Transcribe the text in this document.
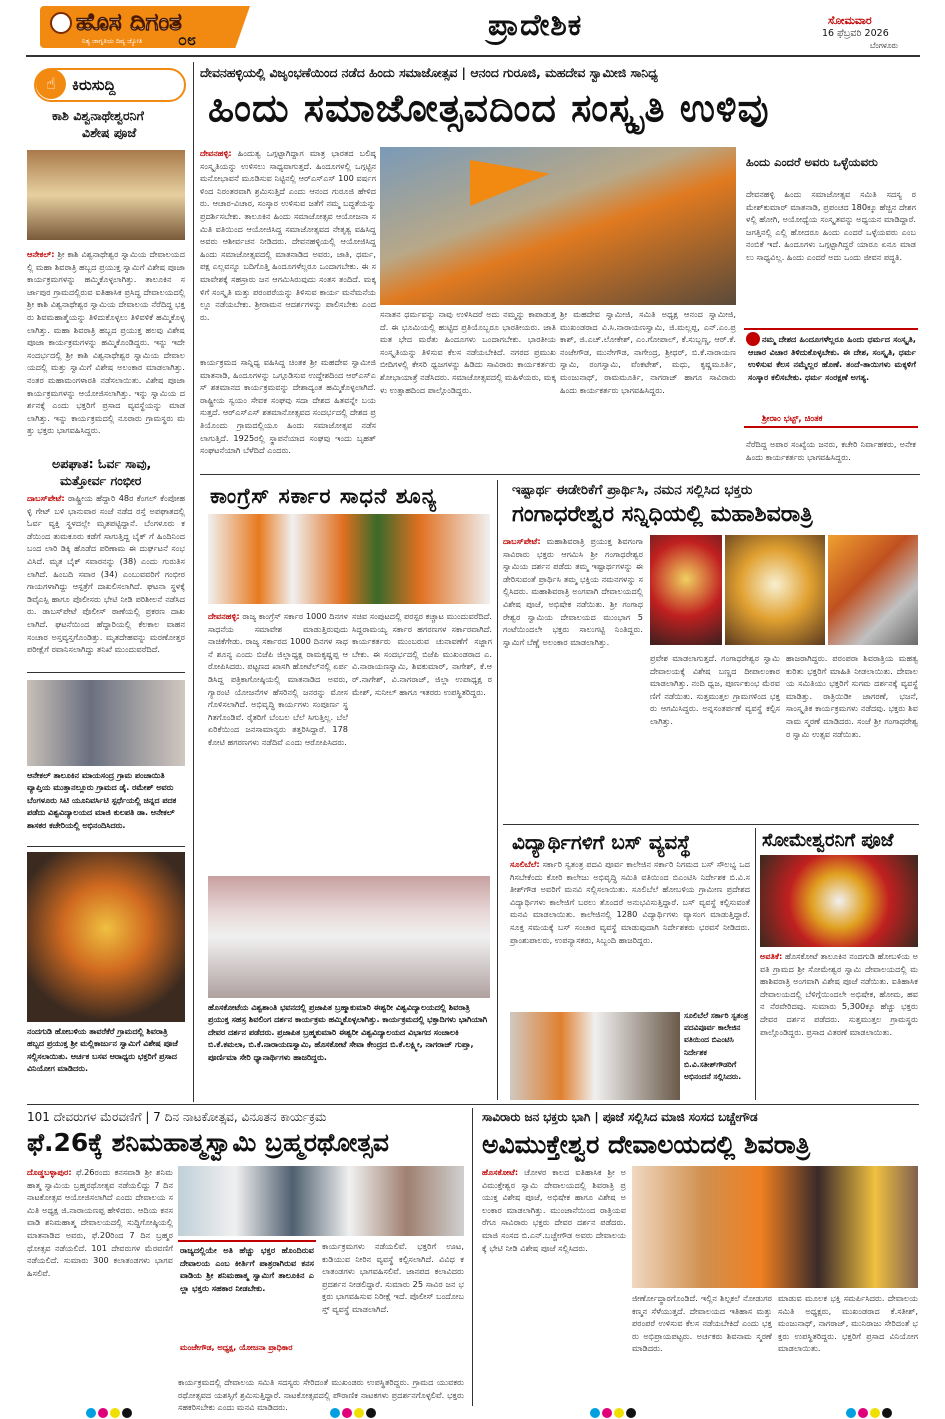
ಹೊಸ ದಿಗಂತ
ನಿತ್ಯ ಜಾಗೃತಿಯ ದಿವ್ಯ ಜ್ಯೋತಿ ೦೮	ಪ್ರಾದೇಶಿಕ	ಸೋಮವಾರ
16 ಫೆಬ್ರವರಿ 2026
ಬೆಂಗಳೂರು
☝	ಕಿರುಸುದ್ದಿ
ಕಾಶಿ ವಿಶ್ವನಾಥೇಶ್ವರನಿಗೆ
ವಿಶೇಷ ಪೂಜೆ
ಆನೇಕಲ್: ಶ್ರೀ ಕಾಶಿ ವಿಶ್ವನಾಥೇಶ್ವರ ಸ್ವಾಮಿಯ ದೇವಾಲಯದಲ್ಲಿ ಮಹಾ ಶಿವರಾತ್ರಿ ಹಬ್ಬದ ಪ್ರಯುಕ್ತ ಸ್ವಾಮಿಗೆ ವಿಶೇಷ ಪೂಜಾ ಕಾರ್ಯಕ್ರಮಗಳನ್ನು ಹಮ್ಮಿಕೊಳ್ಳಲಾಗಿತ್ತು. ತಾಲೂಕಿನ ಸರ್ಜಾಪುರ ಗ್ರಾಮದಲ್ಲಿರುವ ಐತಿಹಾಸಿಕ ಪ್ರಸಿದ್ಧ ದೇವಾಲಯದಲ್ಲಿ ಶ್ರೀ ಕಾಶಿ ವಿಶ್ವನಾಥೇಶ್ವರ ಸ್ವಾಮಿಯ ದೇವಾಲಯ ನೆರೆದಿದ್ದ ಭಕ್ತರು ಶಿವಮಹಾತ್ಮೆಯನ್ನು ತಿಳಿದುಕೊಳ್ಳಲು ತಿಳಿವಳಿಕೆ ಹಮ್ಮಿಕೊಳ್ಳಲಾಗಿತ್ತು. ಮಹಾ ಶಿವರಾತ್ರಿ ಹಬ್ಬದ ಪ್ರಯುಕ್ತ ಹಲವು ವಿಶೇಷ ಪೂಜಾ ಕಾರ್ಯಕ್ರಮಗಳನ್ನು ಹಮ್ಮಿಕೊಂಡಿದ್ದರು. ಇನ್ನು ಇದೇ ಸಂದರ್ಭದಲ್ಲಿ ಶ್ರೀ ಕಾಶಿ ವಿಶ್ವನಾಥೇಶ್ವರ ಸ್ವಾಮಿಯ ದೇವಾಲಯದಲ್ಲಿ ಮತ್ತು ಸ್ವಾಮಿಗೆ ವಿಶೇಷ ಅಲಂಕಾರ ಮಾಡಲಾಗಿತ್ತು. ನಂತರ ಮಹಾಮಂಗಳಾರತಿ ನಡೆಸಲಾಯಿತು. ವಿಶೇಷ ಪೂಜಾ ಕಾರ್ಯಕ್ರಮಗಳನ್ನು ಆಯೋಜಿಸಲಾಗಿತ್ತು. ಇನ್ನು ಸ್ವಾಮಿಯ ದರ್ಶನಕ್ಕೆ ಎಂದು ಭಕ್ತರಿಗೆ ಪ್ರಸಾದ ವ್ಯವಸ್ಥೆಯನ್ನು ಮಾಡಲಾಗಿತ್ತು. ಇನ್ನು ಕಾರ್ಯಕ್ರಮದಲ್ಲಿ ನೂರಾರು ಗ್ರಾಮಸ್ಥರು ಮತ್ತು ಭಕ್ತರು ಭಾಗವಹಿಸಿದ್ದರು.
ಅಪಘಾತ: ಓರ್ವ ಸಾವು,
ಮತ್ತೋರ್ವ ಗಂಭೀರ
ದಾಬಸ್‌ಪೇಟೆ: ರಾಷ್ಟ್ರೀಯ ಹೆದ್ದಾರಿ 48ರ ಕೆಂಗಲ್ ಕೆಂಪೋಹಳ್ಳಿ ಗೇಟ್ ಬಳಿ ಭಾನುವಾರ ಸಂಜೆ ನಡೆದ ರಸ್ತೆ ಅಪಘಾತದಲ್ಲಿ ಓರ್ವ ವ್ಯಕ್ತಿ ಸ್ಥಳದಲ್ಲೇ ಮೃತಪಟ್ಟಿದ್ದಾನೆ. ಬೆಂಗಳೂರು ಕಡೆಯಿಂದ ತುಮಕೂರು ಕಡೆಗೆ ಸಾಗುತ್ತಿದ್ದ ಬೈಕ್ ಗೆ ಹಿಂದಿನಿಂದ ಬಂದ ಲಾರಿ ಡಿಕ್ಕಿ ಹೊಡೆದ ಪರಿಣಾಮ ಈ ದುರ್ಘಟನೆ ಸಂಭವಿಸಿದೆ. ಮೃತ ಬೈಕ್ ಸವಾರನನ್ನು (38) ಎಂದು ಗುರುತಿಸಲಾಗಿದೆ. ಹಿಂಬದಿ ಸವಾರ (34) ಎಂಬುವವರಿಗೆ ಗಂಭೀರ ಗಾಯಗಳಾಗಿದ್ದು ಆಸ್ಪತ್ರೆಗೆ ದಾಖಲಿಸಲಾಗಿದೆ. ಘಟನಾ ಸ್ಥಳಕ್ಕೆ ಡಿವೈಎಸ್ಪಿ ಹಾಗೂ ಪೊಲೀಸರು ಭೇಟಿ ನೀಡಿ ಪರಿಶೀಲನೆ ನಡೆಸಿದರು. ಡಾಬಸ್‌ಪೇಟೆ ಪೊಲೀಸ್ ಠಾಣೆಯಲ್ಲಿ ಪ್ರಕರಣ ದಾಖಲಾಗಿದೆ. ಘಟನೆಯಿಂದ ಹೆದ್ದಾರಿಯಲ್ಲಿ ಕೆಲಕಾಲ ವಾಹನ ಸಂಚಾರ ಅಸ್ತವ್ಯಸ್ತಗೊಂಡಿತ್ತು. ಮೃತದೇಹವನ್ನು ಮರಣೋತ್ತರ ಪರೀಕ್ಷೆಗೆ ರವಾನಿಸಲಾಗಿದ್ದು ತನಿಖೆ ಮುಂದುವರೆದಿದೆ.
ಆನೇಕಲ್ ತಾಲೂಕಿನ ಮಾಯಸಂದ್ರ ಗ್ರಾಮ ಪಂಚಾಯಿತಿ ವ್ಯಾಪ್ತಿಯ ಮುತ್ತಾನಲ್ಲೂರು ಗ್ರಾಮದ ಡೈ. ರಮೇಶ್ ಅವರು ಬೆಂಗಳೂರು ಸಿಟಿ ಯೂನಿವರ್ಸಿಟಿ ಸ್ಪರ್ಧೆಯಲ್ಲಿ ಚಿನ್ನದ ಪದಕ ಪಡೆದು ವಿಶ್ವವಿದ್ಯಾಲಯದ ಮಾಜಿ ಕುಲಪತಿ ಡಾ. ಆನೇಕಲ್ ಶಾಸಕರ ಕಚೇರಿಯಲ್ಲಿ ಅಭಿನಂದಿಸಿದರು.
ನಂದಗುಡಿ ಹೋಬಳಿಯ ತಾವರೆಕೆರೆ ಗ್ರಾಮದಲ್ಲಿ ಶಿವರಾತ್ರಿ ಹಬ್ಬದ ಪ್ರಯುಕ್ತ ಶ್ರೀ ಮಲ್ಲಿಕಾರ್ಜುನ ಸ್ವಾಮಿಗೆ ವಿಶೇಷ ಪೂಜೆ ಸಲ್ಲಿಸಲಾಯಿತು. ಆರ್ಚಕ ಬಸವ ಆರಾಧ್ಯರು ಭಕ್ತರಿಗೆ ಪ್ರಸಾದ ವಿನಿಯೋಗ ಮಾಡಿದರು.
ದೇವನಹಳ್ಳಿಯಲ್ಲಿ ವಿಜೃಂಭಣೆಯಿಂದ ನಡೆದ ಹಿಂದು ಸಮಾಜೋತ್ಸವ | ಆನಂದ ಗುರೂಜಿ, ಮಹದೇವ ಸ್ವಾಮೀಜಿ ಸಾನಿಧ್ಯ
ಹಿಂದು ಸಮಾಜೋತ್ಸವದಿಂದ ಸಂಸ್ಕೃತಿ ಉಳಿವು
ದೇವನಹಳ್ಳಿ: ಹಿಂದುತ್ವ ಒಗ್ಗಟ್ಟಾಗಿದ್ದಾಗ ಮಾತ್ರ ಭಾರತದ ಬಲಿಷ್ಠ ಸಂಸ್ಕೃತಿಯನ್ನು ಉಳಿಸಲು ಸಾಧ್ಯವಾಗುತ್ತದೆ. ಹಿಂದೂಗಳಲ್ಲಿ ಒಗ್ಗಟ್ಟಿನ ಮನೋಭಾವನೆ ಮೂಡಿಸುವ ನಿಟ್ಟಿನಲ್ಲಿ ಆರ್‌ಎಸ್‌ಎಸ್ 100 ವರ್ಷಗಳಿಂದ ನಿರಂತರವಾಗಿ ಶ್ರಮಿಸುತ್ತಿದೆ ಎಂದು ಆನಂದ ಗುರೂಜಿ ಹೇಳಿದರು. ಆಚಾರ-ವಿಚಾರ, ಸಂಸ್ಕಾರ ಉಳಿಸುವ ಜತೆಗೆ ನಮ್ಮ ಬದ್ಧತೆಯನ್ನು ಪ್ರದರ್ಶಿಸಬೇಕು. ತಾಲೂಕಿನ ಹಿಂದು ಸಮಾಜೋತ್ಸವ ಆಯೋಜನಾ ಸಮಿತಿ ವತಿಯಿಂದ ಆಯೋಜಿಸಿದ್ದ ಸಮಾಜೋತ್ಸವದ ನೇತೃತ್ವ ವಹಿಸಿದ್ದ ಅವರು ಆಶೀರ್ವಚನ ನೀಡಿದರು. ದೇವನಹಳ್ಳಿಯಲ್ಲಿ ಆಯೋಜಿಸಿದ್ದ ಹಿಂದು ಸಮಾಜೋತ್ಸವದಲ್ಲಿ ಮಾತನಾಡಿದ ಅವರು, ಜಾತಿ, ಧರ್ಮ, ಪಕ್ಷ ಎಲ್ಲವನ್ನೂ ಬದಿಗೊತ್ತಿ ಹಿಂದೂಗಳೆಲ್ಲರೂ ಒಂದಾಗಬೇಕು. ಈ ಸಮಾವೇಶಕ್ಕೆ ಸಹಸ್ರಾರು ಜನ ಆಗಮಿಸಿರುವುದು ಸಂತಸ ತಂದಿದೆ. ಮಕ್ಕಳಿಗೆ ಸಂಸ್ಕೃತಿ ಮತ್ತು ಪರಂಪರೆಯನ್ನು ತಿಳಿಸುವ ಕಾರ್ಯ ಮನೆಮನೆಯಲ್ಲೂ ನಡೆಯಬೇಕು. ಶ್ರೀರಾಮನ ಆದರ್ಶಗಳನ್ನು ಪಾಲಿಸಬೇಕು ಎಂದರು.
ಕಾರ್ಯಕ್ರಮದ ಸಾನ್ನಿಧ್ಯ ವಹಿಸಿದ್ದ ಚಿಂತಕ ಶ್ರೀ ಮಹದೇವ ಸ್ವಾಮೀಜಿ ಮಾತನಾಡಿ, ಹಿಂದೂಗಳನ್ನು ಒಗ್ಗೂಡಿಸುವ ಉದ್ದೇಶದಿಂದ ಆರ್‌ಎಸ್‌ಎಸ್ ಶತಮಾನದ ಕಾರ್ಯಕ್ರಮವನ್ನು ದೇಶಾದ್ಯಂತ ಹಮ್ಮಿಕೊಳ್ಳಲಾಗಿದೆ. ರಾಷ್ಟ್ರೀಯ ಸ್ವಯಂ ಸೇವಕ ಸಂಘವು ಸದಾ ದೇಶದ ಹಿತವನ್ನೇ ಬಯಸುತ್ತದೆ. ಆರ್‌ಎಸ್‌ಎಸ್ ಶತಮಾನೋತ್ಸವದ ಸಂದರ್ಭದಲ್ಲಿ ದೇಶದ ಪ್ರತಿಯೊಂದು ಗ್ರಾಮದಲ್ಲಿಯೂ ಹಿಂದು ಸಮಾಜೋತ್ಸವ ನಡೆಸಲಾಗುತ್ತಿದೆ. 1925ರಲ್ಲಿ ಸ್ಥಾಪನೆಯಾದ ಸಂಘವು ಇಂದು ಬೃಹತ್ ಸಂಘಟನೆಯಾಗಿ ಬೆಳೆದಿದೆ ಎಂದರು.
ಸನಾತನ ಧರ್ಮವನ್ನು ನಾವು ಉಳಿಸಿದರೆ ಅದು ನಮ್ಮನ್ನು ಕಾಪಾಡುತ್ತದೆ. ಈ ಭೂಮಿಯಲ್ಲಿ ಹುಟ್ಟಿದ ಪ್ರತಿಯೊಬ್ಬರೂ ಭಾರತೀಯರು. ಜಾತಿ ಮತ ಭೇದ ಮರೆತು ಹಿಂದೂಗಳು ಒಂದಾಗಬೇಕು. ಭಾರತೀಯ ಸಂಸ್ಕೃತಿಯನ್ನು ತಿಳಿಸುವ ಕೆಲಸ ನಡೆಯಬೇಕಿದೆ. ನಗರದ ಪ್ರಮುಖ ಬೀದಿಗಳಲ್ಲಿ ಕೇಸರಿ ಧ್ವಜಗಳನ್ನು ಹಿಡಿದು ಸಾವಿರಾರು ಕಾರ್ಯಕರ್ತರು ಶೋಭಾಯಾತ್ರೆ ನಡೆಸಿದರು. ಸಮಾಜೋತ್ಸವದಲ್ಲಿ ಮಹಿಳೆಯರು, ಮಕ್ಕಳು ಉತ್ಸಾಹದಿಂದ ಪಾಲ್ಗೊಂಡಿದ್ದರು.
ಶ್ರೀ ಮಹದೇವ ಸ್ವಾಮೀಜಿ, ಸಮಿತಿ ಅಧ್ಯಕ್ಷ ಆನಂದ ಸ್ವಾಮೀಜಿ, ಮುಖಂಡರಾದ ವಿ.ಸಿ.ನಾರಾಯಣಸ್ವಾಮಿ, ಜಿ.ಮಲ್ಲಪ್ಪ, ಎನ್.ಎಂ.ಪ್ರಕಾಶ್, ಜಿ.ಎಚ್.ಲೋಕೇಶ್, ಎಂ.ಗೋಪಾಲ್, ಕೆ.ಸುಬ್ಬಣ್ಣ, ಆರ್.ಕೆ.ನಂಜೇಗೌಡ, ಮುನೇಗೌಡ, ನಾಗೇಂದ್ರ, ಶ್ರೀಧರ್, ಬಿ.ಕೆ.ನಾರಾಯಣಸ್ವಾಮಿ, ರಂಗಸ್ವಾಮಿ, ವೆಂಕಟೇಶ್, ಮಧು, ಕೃಷ್ಣಮೂರ್ತಿ, ಮಂಜುನಾಥ್, ರಾಮಮೂರ್ತಿ, ನಾಗರಾಜ್ ಹಾಗೂ ಸಾವಿರಾರು ಹಿಂದು ಕಾರ್ಯಕರ್ತರು ಭಾಗವಹಿಸಿದ್ದರು.
ಹಿಂದು ಎಂದರೆ ಅವರು ಒಳ್ಳೆಯವರು
ದೇವನಹಳ್ಳಿ ಹಿಂದು ಸಮಾಜೋತ್ಸವ ಸಮಿತಿ ಸದಸ್ಯ ರಮೇಶ್‌ಕುಮಾರ್ ಮಾತನಾಡಿ, ಪ್ರಪಂಚದ 180ಕ್ಕೂ ಹೆಚ್ಚಿನ ದೇಶಗಳಲ್ಲಿ ಹೋಗಿ, ಅಯೋಧ್ಯೆಯ ಸಂಸ್ಕೃತವನ್ನು ಅಧ್ಯಯನ ಮಾಡಿದ್ದಾರೆ. ಜಗತ್ತಿನಲ್ಲಿ ಎಲ್ಲಿ ಹೋದರೂ ಹಿಂದು ಎಂದರೆ ಒಳ್ಳೆಯವರು ಎಂಬ ನಂಬಿಕೆ ಇದೆ. ಹಿಂದೂಗಳು ಒಗ್ಗಟ್ಟಾಗಿದ್ದರೆ ಯಾರೂ ಏನೂ ಮಾಡಲು ಸಾಧ್ಯವಿಲ್ಲ. ಹಿಂದು ಎಂದರೆ ಅದು ಒಂದು ಜೀವನ ಪದ್ಧತಿ.
ನಮ್ಮ ದೇಶದ ಹಿಂದೂಗಳೆಲ್ಲರೂ ಹಿಂದು ಧರ್ಮದ ಸಂಸ್ಕೃತಿ, ಆಚಾರ ವಿಚಾರ ತಿಳಿದುಕೊಳ್ಳಬೇಕು. ಈ ದೇಶ, ಸಂಸ್ಕೃತಿ, ಧರ್ಮ ಉಳಿಸುವ ಕೆಲಸ ನಮ್ಮೆಲ್ಲರ ಹೊಣೆ. ತಂದೆ-ತಾಯಿಗಳು ಮಕ್ಕಳಿಗೆ ಸಂಸ್ಕಾರ ಕಲಿಸಬೇಕು. ಧರ್ಮ ಸಂರಕ್ಷಣೆ ಅಗತ್ಯ.
ಶ್ರೀರಾಂ ಭಟ್ಟ್, ಚಿಂತಕ
ನೆರೆದಿದ್ದ ಅಪಾರ ಸಂಖ್ಯೆಯ ಜನರು, ಕಚೇರಿ ನಿರ್ವಾಹಕರು, ಅನೇಕ ಹಿಂದು ಕಾರ್ಯಕರ್ತರು ಭಾಗವಹಿಸಿದ್ದರು.
ಕಾಂಗ್ರೆಸ್ ಸರ್ಕಾರ ಸಾಧನೆ ಶೂನ್ಯ
ದೇವನಹಳ್ಳಿ: ರಾಜ್ಯ ಕಾಂಗ್ರೆಸ್ ಸರ್ಕಾರ 1000 ದಿನಗಳ ಸಾಧನೆಯ ಸಮಾವೇಶ ಮಾಡುತ್ತಿರುವುದು ನಾಚಿಕೆಗೇಡು. ರಾಜ್ಯ ಸರ್ಕಾರದ 1000 ದಿನಗಳ ಸಾಧನೆ ಶೂನ್ಯ ಎಂದು ಬಿಜೆಪಿ ಜಿಲ್ಲಾಧ್ಯಕ್ಷ ರಾಮಕೃಷ್ಣಪ್ಪ ಆರೋಪಿಸಿದರು. ಪಟ್ಟಣದ ಖಾಸಗಿ ಹೋಟೆಲ್‌ನಲ್ಲಿ ಏರ್ಪಡಿಸಿದ್ದ ಪತ್ರಿಕಾಗೋಷ್ಠಿಯಲ್ಲಿ ಮಾತನಾಡಿದ ಅವರು, ಗ್ಯಾರಂಟಿ ಯೋಜನೆಗಳ ಹೆಸರಿನಲ್ಲಿ ಜನರನ್ನು ಮೋಸಗೊಳಿಸಲಾಗಿದೆ. ಅಭಿವೃದ್ಧಿ ಕಾರ್ಯಗಳು ಸಂಪೂರ್ಣ ಸ್ಥಗಿತಗೊಂಡಿವೆ. ರೈತರಿಗೆ ಬೆಂಬಲ ಬೆಲೆ ಸಿಗುತ್ತಿಲ್ಲ. ಬೆಲೆ ಏರಿಕೆಯಿಂದ ಜನಸಾಮಾನ್ಯರು ತತ್ತರಿಸಿದ್ದಾರೆ. 178 ಕೋಟಿ ಹಗರಣಗಳು ನಡೆದಿವೆ ಎಂದು ಆರೋಪಿಸಿದರು.
ಸಚಿವ ಸಂಪುಟದಲ್ಲಿ ಪರಸ್ಪರ ಕಚ್ಚಾಟ ಮುಂದುವರೆದಿದೆ. ಸಿದ್ದರಾಮಯ್ಯ ಸರ್ಕಾರ ಹಗರಣಗಳ ಸರ್ಕಾರವಾಗಿದೆ. ಕಾರ್ಯಕರ್ತರು ಮುಂಬರುವ ಚುನಾವಣೆಗೆ ಸಜ್ಜಾಗಬೇಕು. ಈ ಸಂದರ್ಭದಲ್ಲಿ ಬಿಜೆಪಿ ಮುಖಂಡರಾದ ಎ.ವಿ.ನಾರಾಯಣಸ್ವಾಮಿ, ಶಿವಕುಮಾರ್, ನಾಗೇಶ್, ಕೆ.ಆರ್.ನಾಗೇಶ್, ವಿ.ನಾಗರಾಜ್, ಜಿಲ್ಲಾ ಉಪಾಧ್ಯಕ್ಷ ರಮೇಶ್, ಸುನೀಲ್ ಹಾಗೂ ಇತರರು ಉಪಸ್ಥಿತರಿದ್ದರು.
ಇಷ್ಟಾರ್ಥ ಈಡೇರಿಕೆಗೆ ಪ್ರಾರ್ಥಿಸಿ, ನಮನ ಸಲ್ಲಿಸಿದ ಭಕ್ತರು
ಗಂಗಾಧರೇಶ್ವರ ಸನ್ನಿಧಿಯಲ್ಲಿ ಮಹಾಶಿವರಾತ್ರಿ
ದಾಬಸ್‌ಪೇಟೆ: ಮಹಾಶಿವರಾತ್ರಿ ಪ್ರಯುಕ್ತ ಶಿವಗಂಗಾ ಸಾವಿರಾರು ಭಕ್ತರು ಆಗಮಿಸಿ ಶ್ರೀ ಗಂಗಾಧರೇಶ್ವರ ಸ್ವಾಮಿಯ ದರ್ಶನ ಪಡೆದು ತಮ್ಮ ಇಷ್ಟಾರ್ಥಗಳನ್ನು ಈಡೇರಿಸುವಂತೆ ಪ್ರಾರ್ಥಿಸಿ ತಮ್ಮ ಭಕ್ತಿಯ ನಮನಗಳನ್ನು ಸಲ್ಲಿಸಿದರು. ಮಹಾಶಿವರಾತ್ರಿ ಅಂಗವಾಗಿ ದೇವಾಲಯದಲ್ಲಿ ವಿಶೇಷ ಪೂಜೆ, ಅಭಿಷೇಕ ನಡೆಯಿತು. ಶ್ರೀ ಗಂಗಾಧರೇಶ್ವರ ಸ್ವಾಮಿಯ ದೇವಾಲಯದ ಮುಂಭಾಗ 5 ಗಂಟೆಯಿಂದಲೇ ಭಕ್ತರು ಸಾಲುಗಟ್ಟಿ ನಿಂತಿದ್ದರು. ಸ್ವಾಮಿಗೆ ಬೆಣ್ಣೆ ಅಲಂಕಾರ ಮಾಡಲಾಗಿತ್ತು.
ಪ್ರವೇಶ ಮಾಡಲಾಗುತ್ತದೆ. ಗಂಗಾಧರೇಶ್ವರ ಸ್ವಾಮಿ ದೇವಾಲಯಕ್ಕೆ ವಿಶೇಷ ಬಣ್ಣದ ದೀಪಾಲಂಕಾರ ಮಾಡಲಾಗಿತ್ತು. ನಂದಿ ಧ್ವಜ, ಪೂರ್ಣಕುಂಭ ಮೆರವಣಿಗೆ ನಡೆಯಿತು. ಸುತ್ತಮುತ್ತಲ ಗ್ರಾಮಗಳಿಂದ ಭಕ್ತರು ಆಗಮಿಸಿದ್ದರು. ಅನ್ನಸಂತರ್ಪಣೆ ವ್ಯವಸ್ಥೆ ಕಲ್ಪಿಸಲಾಗಿತ್ತು.
ಹಾಜರಾಗಿದ್ದರು. ಪರಂಪರಾ ಶಿವರಾತ್ರಿಯ ಮಹತ್ವ ಕುರಿತು ಭಕ್ತರಿಗೆ ಮಾಹಿತಿ ನೀಡಲಾಯಿತು. ದೇವಾಲಯ ಸಮಿತಿಯು ಭಕ್ತರಿಗೆ ಸುಗಮ ದರ್ಶನಕ್ಕೆ ವ್ಯವಸ್ಥೆ ಮಾಡಿತ್ತು. ರಾತ್ರಿಯಿಡೀ ಜಾಗರಣೆ, ಭಜನೆ, ಸಾಂಸ್ಕೃತಿಕ ಕಾರ್ಯಕ್ರಮಗಳು ನಡೆದವು. ಭಕ್ತರು ಶಿವನಾಮ ಸ್ಮರಣೆ ಮಾಡಿದರು. ಸಂಜೆ ಶ್ರೀ ಗಂಗಾಧರೇಶ್ವರ ಸ್ವಾಮಿ ಉತ್ಸವ ನಡೆಯಿತು.
ವಿದ್ಯಾರ್ಥಿಗಳಿಗೆ ಬಸ್ ವ್ಯವಸ್ಥೆ
ಸೂಲಿಬೆಲೆ: ಸರ್ಕಾರಿ ಸ್ವತಂತ್ರ ಪದವಿ ಪೂರ್ವ ಕಾಲೇಜಿನ ಸರ್ಕಾರಿ ನಿಗಮದ ಬಸ್ ಸೌಲಭ್ಯ ಒದಗಿಸಬೇಕೆಂದು ಕೋರಿ ಕಾಲೇಜು ಅಭಿವೃದ್ಧಿ ಸಮಿತಿ ವತಿಯಿಂದ ಬಿಎಂಟಿಸಿ ನಿರ್ದೇಶಕ ಬಿ.ವಿ.ಸತೀಶ್‌ಗೌಡ ಅವರಿಗೆ ಮನವಿ ಸಲ್ಲಿಸಲಾಯಿತು. ಸೂಲಿಬೆಲೆ ಹೋಬಳಿಯ ಗ್ರಾಮೀಣ ಪ್ರದೇಶದ ವಿದ್ಯಾರ್ಥಿಗಳು ಕಾಲೇಜಿಗೆ ಬರಲು ತೊಂದರೆ ಅನುಭವಿಸುತ್ತಿದ್ದಾರೆ. ಬಸ್ ವ್ಯವಸ್ಥೆ ಕಲ್ಪಿಸುವಂತೆ ಮನವಿ ಮಾಡಲಾಯಿತು. ಕಾಲೇಜಿನಲ್ಲಿ 1280 ವಿದ್ಯಾರ್ಥಿಗಳು ವ್ಯಾಸಂಗ ಮಾಡುತ್ತಿದ್ದಾರೆ. ಸೂಕ್ತ ಸಮಯಕ್ಕೆ ಬಸ್ ಸಂಚಾರ ವ್ಯವಸ್ಥೆ ಮಾಡುವುದಾಗಿ ನಿರ್ದೇಶಕರು ಭರವಸೆ ನೀಡಿದರು. ಪ್ರಾಂಶುಪಾಲರು, ಉಪನ್ಯಾಸಕರು, ಸಿಬ್ಬಂದಿ ಹಾಜರಿದ್ದರು.
ಸೂಲಿಬೆಲೆ ಸರ್ಕಾರಿ ಸ್ವತಂತ್ರ ಪದವಿಪೂರ್ವ ಕಾಲೇಜಿನ ವತಿಯಿಂದ ಬಿಎಂಟಿಸಿ ನಿರ್ದೇಶಕ ಬಿ.ವಿ.ಸತೀಶ್‌ಗೌಡರಿಗೆ ಅಭಿನಂದನೆ ಸಲ್ಲಿಸಿದರು.
ಸೋಮೇಶ್ವರನಿಗೆ ಪೂಜೆ
ಅವತಿಕೆ: ಹೊಸಕೋಟೆ ತಾಲೂಕಿನ ನಂದಗುಡಿ ಹೋಬಳಿಯ ಅವತಿ ಗ್ರಾಮದ ಶ್ರೀ ಸೋಮೇಶ್ವರ ಸ್ವಾಮಿ ದೇವಾಲಯದಲ್ಲಿ ಮಹಾಶಿವರಾತ್ರಿ ಅಂಗವಾಗಿ ವಿಶೇಷ ಪೂಜೆ ನಡೆಯಿತು. ಐತಿಹಾಸಿಕ ದೇವಾಲಯದಲ್ಲಿ ಬೆಳಿಗ್ಗೆಯಿಂದಲೇ ಅಭಿಷೇಕ, ಹೋಮ, ಹವನ ನೆರವೇರಿದವು. ಸುಮಾರು 5,300ಕ್ಕೂ ಹೆಚ್ಚು ಭಕ್ತರು ದೇವರ ದರ್ಶನ ಪಡೆದರು. ಸುತ್ತಮುತ್ತಲ ಗ್ರಾಮಸ್ಥರು ಪಾಲ್ಗೊಂಡಿದ್ದರು. ಪ್ರಸಾದ ವಿತರಣೆ ಮಾಡಲಾಯಿತು.
ಹೊಸಕೋಟೆಯ ವಿಶ್ವಶಾಂತಿ ಭವನದಲ್ಲಿ ಪ್ರಜಾಪಿತ ಬ್ರಹ್ಮಾಕುಮಾರಿ ಈಶ್ವರೀ ವಿಶ್ವವಿದ್ಯಾಲಯದಲ್ಲಿ ಶಿವರಾತ್ರಿ ಪ್ರಯುಕ್ತ ಸಹಸ್ರ ಶಿವಲಿಂಗ ದರ್ಶನ ಕಾರ್ಯಕ್ರಮ ಹಮ್ಮಿಕೊಳ್ಳಲಾಗಿತ್ತು. ಕಾರ್ಯಕ್ರಮದಲ್ಲಿ ಭಕ್ತಾದಿಗಳು ಭಾಗಿಯಾಗಿ ದೇವರ ದರ್ಶನ ಪಡೆದರು. ಪ್ರಜಾಪಿತ ಬ್ರಹ್ಮಕುಮಾರಿ ಈಶ್ವರೀ ವಿಶ್ವವಿದ್ಯಾಲಯದ ವಿಭಾಗದ ಸಂಚಾಲಕಿ ಬಿ.ಕೆ.ಕಮಲಾ, ಬಿ.ಕೆ.ನಾರಾಯಣಸ್ವಾಮಿ, ಹೊಸಕೋಟೆ ಸೇವಾ ಕೇಂದ್ರದ ಬಿ.ಕೆ.ಲಕ್ಷ್ಮೀ, ನಾಗರಾಜ್ ಗುಪ್ತಾ, ಪೂರ್ಣಿಮಾ ಸೇರಿ ಧ್ಯಾನಾರ್ಥಿಗಳು ಹಾಜರಿದ್ದರು.
101 ದೇವರುಗಳ ಮೆರವಣಿಗೆ | 7 ದಿನ ನಾಟಕೋತ್ಸವ, ವಿನೂತನ ಕಾರ್ಯಕ್ರಮ
ಫೆ.26ಕ್ಕೆ ಶನಿಮಹಾತ್ಮಸ್ವಾಮಿ ಬ್ರಹ್ಮರಥೋತ್ಸವ
ದೊಡ್ಡಬಳ್ಳಾಪುರ: ಫೆ.26ರಂದು ಕನಸವಾಡಿ ಶ್ರೀ ಶನಿಮಹಾತ್ಮ ಸ್ವಾಮಿಯ ಬ್ರಹ್ಮರಥೋತ್ಸವ ನಡೆಯಲಿದ್ದು 7 ದಿನ ನಾಟಕೋತ್ಸವ ಆಯೋಜಿಸಲಾಗಿದೆ ಎಂದು ದೇವಾಲಯ ಸಮಿತಿ ಅಧ್ಯಕ್ಷ ಜಿ.ನಾರಾಯಣಪ್ಪ ಹೇಳಿದರು. ಆದಿಯ ಕನಸವಾಡಿ ಶನಿಮಹಾತ್ಮ ದೇವಾಲಯದಲ್ಲಿ ಸುದ್ದಿಗೋಷ್ಠಿಯಲ್ಲಿ ಮಾತನಾಡಿದ ಅವರು, ಫೆ.20ರಿಂದ 7 ದಿನ ಬ್ರಹ್ಮರಥೋತ್ಸವ ನಡೆಯಲಿದೆ. 101 ದೇವರುಗಳ ಮೆರವಣಿಗೆ ನಡೆಯಲಿದೆ. ಸುಮಾರು 300 ಕಲಾತಂಡಗಳು ಭಾಗವಹಿಸಲಿವೆ.
ರಾಜ್ಯದಲ್ಲಿಯೇ ಅತಿ ಹೆಚ್ಚು ಭಕ್ತರ ಹೊಂದಿರುವ ದೇವಾಲಯ ಎಂಬ ಕೀರ್ತಿಗೆ ಪಾತ್ರರಾಗಿರುವ ಕನಸವಾಡಿಯ ಶ್ರೀ ಶನಿಮಹಾತ್ಮ ಸ್ವಾಮಿಗೆ ತಾಲೂಕಿನ ಎಲ್ಲಾ ಭಕ್ತರು ಸಹಕಾರ ನೀಡಬೇಕು.
ಮಂಜೇಗೌಡ, ಅಧ್ಯಕ್ಷ, ಯೋಜನಾ ಪ್ರಾಧಿಕಾರ
ಕಾರ್ಯಕ್ರಮಗಳು ನಡೆಯಲಿವೆ. ಭಕ್ತರಿಗೆ ಊಟ, ಕುಡಿಯುವ ನೀರಿನ ವ್ಯವಸ್ಥೆ ಕಲ್ಪಿಸಲಾಗಿದೆ. ವಿವಿಧ ಕಲಾತಂಡಗಳು ಭಾಗವಹಿಸಲಿವೆ. ಜಾನಪದ ಕಲಾವಿದರು ಪ್ರದರ್ಶನ ನೀಡಲಿದ್ದಾರೆ. ಸುಮಾರು 25 ಸಾವಿರ ಜನ ಭಕ್ತರು ಭಾಗವಹಿಸುವ ನಿರೀಕ್ಷೆ ಇದೆ. ಪೊಲೀಸ್ ಬಂದೋಬಸ್ತ್ ವ್ಯವಸ್ಥೆ ಮಾಡಲಾಗಿದೆ.
ಕಾರ್ಯಕ್ರಮದಲ್ಲಿ ದೇವಾಲಯ ಸಮಿತಿ ಸದಸ್ಯರು ಸೇರಿದಂತೆ ಮುಖಂಡರು ಉಪಸ್ಥಿತರಿದ್ದರು. ಗ್ರಾಮದ ಯುವಕರು ರಥೋತ್ಸವದ ಯಶಸ್ಸಿಗೆ ಶ್ರಮಿಸುತ್ತಿದ್ದಾರೆ. ನಾಟಕೋತ್ಸವದಲ್ಲಿ ಪೌರಾಣಿಕ ನಾಟಕಗಳು ಪ್ರದರ್ಶನಗೊಳ್ಳಲಿವೆ. ಭಕ್ತರು ಸಹಕರಿಸಬೇಕು ಎಂದು ಮನವಿ ಮಾಡಿದರು.
ಸಾವಿರಾರು ಜನ ಭಕ್ತರು ಭಾಗಿ | ಪೂಜೆ ಸಲ್ಲಿಸಿದ ಮಾಜಿ ಸಂಸದ ಬಚ್ಚೇಗೌಡ
ಅವಿಮುಕ್ತೇಶ್ವರ ದೇವಾಲಯದಲ್ಲಿ ಶಿವರಾತ್ರಿ
ಹೊಸಕೋಟೆ: ಚೋಳರ ಕಾಲದ ಐತಿಹಾಸಿಕ ಶ್ರೀ ಅವಿಮುಕ್ತೇಶ್ವರ ಸ್ವಾಮಿ ದೇವಾಲಯದಲ್ಲಿ ಶಿವರಾತ್ರಿ ಪ್ರಯುಕ್ತ ವಿಶೇಷ ಪೂಜೆ, ಅಭಿಷೇಕ ಹಾಗೂ ವಿಶೇಷ ಅಲಂಕಾರ ಮಾಡಲಾಗಿತ್ತು. ಮುಂಜಾನೆಯಿಂದ ರಾತ್ರಿಯವರೆಗೂ ಸಾವಿರಾರು ಭಕ್ತರು ದೇವರ ದರ್ಶನ ಪಡೆದರು. ಮಾಜಿ ಸಂಸದ ಬಿ.ಎನ್.ಬಚ್ಚೇಗೌಡ ಅವರು ದೇವಾಲಯಕ್ಕೆ ಭೇಟಿ ನೀಡಿ ವಿಶೇಷ ಪೂಜೆ ಸಲ್ಲಿಸಿದರು.
ಜೀರ್ಣೋದ್ಧಾರಗೊಂಡಿದೆ. ಇಲ್ಲಿನ ಶಿಲ್ಪಕಲೆ ನೋಡುಗರ ಕಣ್ಮನ ಸೆಳೆಯುತ್ತದೆ. ದೇವಾಲಯದ ಇತಿಹಾಸ ಮತ್ತು ಪರಂಪರೆ ಉಳಿಸುವ ಕೆಲಸ ನಡೆಯಬೇಕಿದೆ ಎಂದು ಭಕ್ತರು ಅಭಿಪ್ರಾಯಪಟ್ಟರು. ಅರ್ಚಕರು ಶಿವನಾಮ ಸ್ಮರಣೆ ಮಾಡಿದರು.
ಮಾಡುವ ಮೂಲಕ ಭಕ್ತಿ ಸಮರ್ಪಿಸಿದರು. ದೇವಾಲಯ ಸಮಿತಿ ಅಧ್ಯಕ್ಷರು, ಮುಖಂಡರಾದ ಕೆ.ಸತೀಶ್, ಮಂಜುನಾಥ್, ನಾಗರಾಜ್, ಮುನಿರಾಜು ಸೇರಿದಂತೆ ಭಕ್ತರು ಉಪಸ್ಥಿತರಿದ್ದರು. ಭಕ್ತರಿಗೆ ಪ್ರಸಾದ ವಿನಿಯೋಗ ಮಾಡಲಾಯಿತು.
